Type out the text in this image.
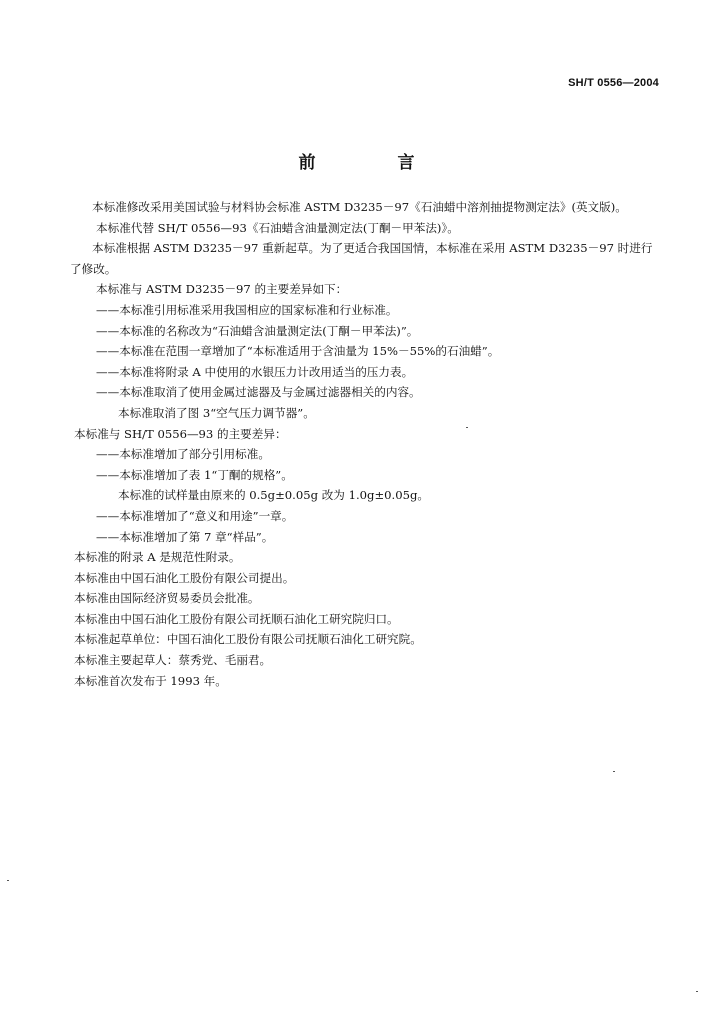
SH/T 0556—2004
前 言

本标准修改采用美国试验与材料协会标准 ASTM D3235－97《石油蜡中溶剂抽提物测定法》(英文版)。

本标准代替 SH/T 0556—93《石油蜡含油量测定法(丁酮－甲苯法)》。

本标准根据 ASTM D3235－97 重新起草。为了更适合我国国情，本标准在采用 ASTM D3235－97 时进行了修改。

本标准与 ASTM D3235－97 的主要差异如下：

——本标准引用标准采用我国相应的国家标准和行业标准。

——本标准的名称改为“石油蜡含油量测定法(丁酮－甲苯法)”。

——本标准在范围一章增加了“本标准适用于含油量为 15%－55%的石油蜡”。

——本标准将附录 A 中使用的水银压力计改用适当的压力表。

——本标准取消了使用金属过滤器及与金属过滤器相关的内容。

本标准取消了图 3“空气压力调节器”。

本标准与 SH/T 0556—93 的主要差异：

——本标准增加了部分引用标准。

——本标准增加了表 1“丁酮的规格”。

本标准的试样量由原来的 0.5g±0.05g 改为 1.0g±0.05g。

——本标准增加了“意义和用途”一章。

——本标准增加了第 7 章“样品”。

本标准的附录 A 是规范性附录。

本标准由中国石油化工股份有限公司提出。

本标准由国际经济贸易委员会批准。

本标准由中国石油化工股份有限公司抚顺石油化工研究院归口。

本标准起草单位：中国石油化工股份有限公司抚顺石油化工研究院。

本标准主要起草人：蔡秀党、毛丽君。

本标准首次发布于 1993 年。
